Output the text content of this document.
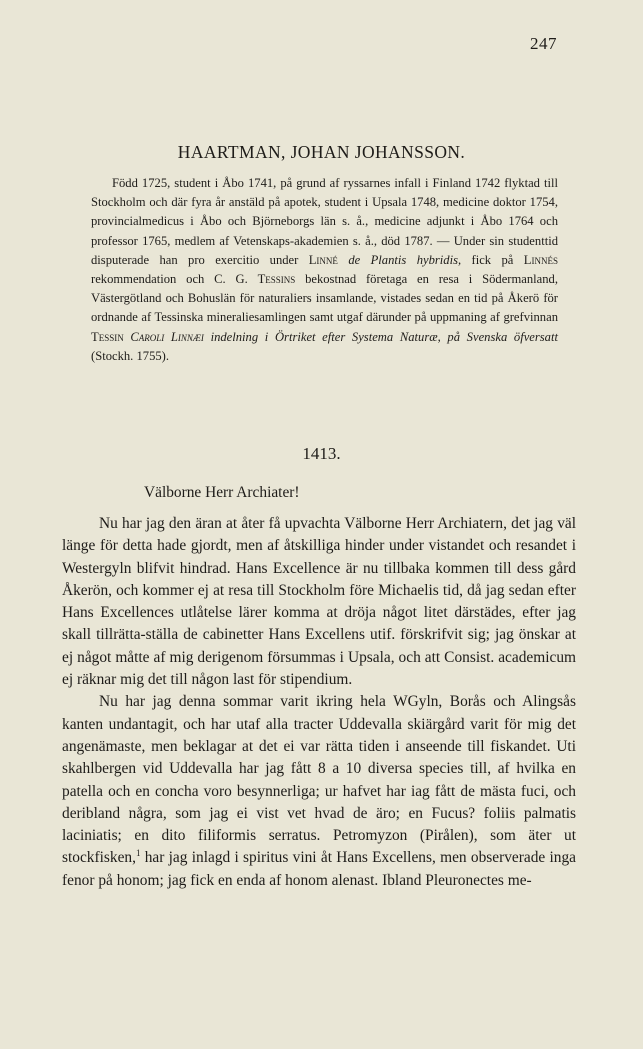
247
HAARTMAN, JOHAN JOHANSSON.

Född 1725, student i Åbo 1741, på grund af ryssarnes infall i Finland 1742 flyktad till Stockholm och där fyra år anstäld på apotek, student i Upsala 1748, medicine doktor 1754, provincialmedicus i Åbo och Björneborgs län s. å., medicine adjunkt i Åbo 1764 och professor 1765, medlem af Vetenskaps-akademien s. å., död 1787. — Under sin studenttid disputerade han pro exercitio under Linné de Plantis hybridis, fick på Linnés rekommendation och C. G. Tessins bekostnad företaga en resa i Södermanland, Västergötland och Bohuslän för naturaliers insamlande, vistades sedan en tid på Åkerö för ordnande af Tessinska mineraliesamlingen samt utgaf därunder på uppmaning af grefvinnan Tessin Caroli Linnæi indelning i Örtriket efter Systema Naturæ, på Svenska öfversatt (Stockh. 1755).

1413.
Välborne Herr Archiater!

Nu har jag den äran at åter få upvachta Välborne Herr Archiatern, det jag väl länge för detta hade gjordt, men af åtskilliga hinder under vistandet och resandet i Westergyln blifvit hindrad. Hans Excellence är nu tillbaka kommen till dess gård Åkerön, och kommer ej at resa till Stockholm före Michaelis tid, då jag sedan efter Hans Excellences utlåtelse lärer komma at dröja något litet därstädes, efter jag skall tillrätta-ställa de cabinetter Hans Excellens utif. förskrifvit sig; jag önskar at ej något måtte af mig derigenom försummas i Upsala, och att Consist. academicum ej räknar mig det till någon last för stipendium.

Nu har jag denna sommar varit ikring hela WGyln, Borås och Alingsås kanten undantagit, och har utaf alla tracter Uddevalla skiärgård varit för mig det angenämaste, men beklagar at det ei var rätta tiden i anseende till fiskandet. Uti skahlbergen vid Uddevalla har jag fått 8 a 10 diversa species till, af hvilka en patella och en concha voro besynnerliga; ur hafvet har iag fått de mästa fuci, och deribland några, som jag ei vist vet hvad de äro; en Fucus? foliis palmatis laciniatis; en dito filiformis serratus. Petromyzon (Pirålen), som äter ut stockfisken,$^1$ har jag inlagd i spiritus vini åt Hans Excellens, men observerade inga fenor på honom; jag fick en enda af honom alenast. Ibland Pleuronectes me-
